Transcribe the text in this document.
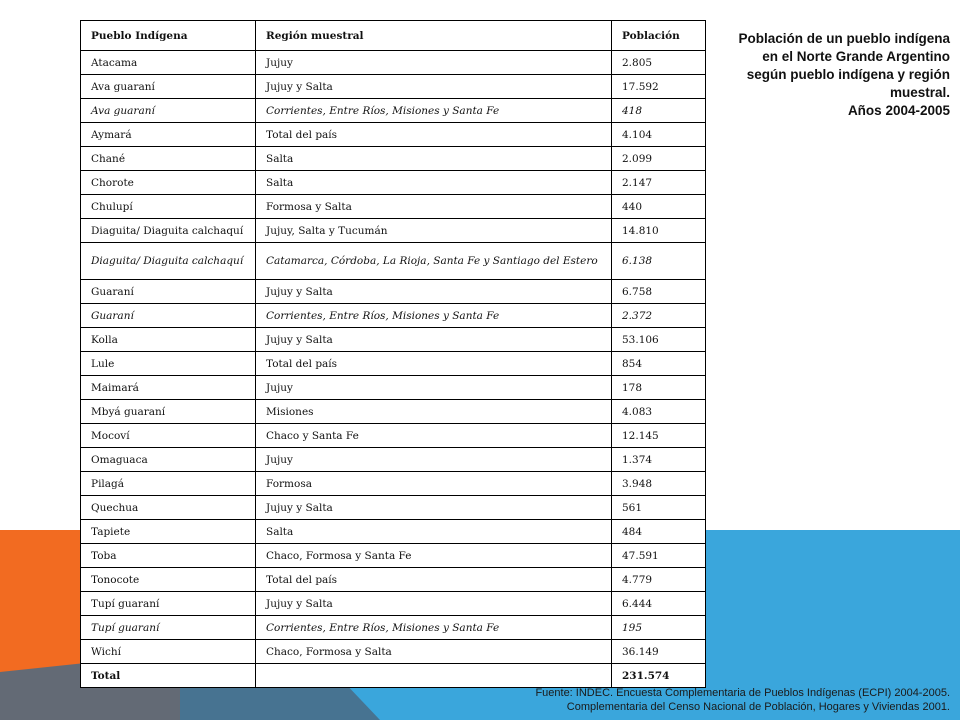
Pueblo Indígena	Región muestral	Población
Atacama	Jujuy	2.805
Ava guaraní	Jujuy y Salta	17.592
Ava guaraní	Corrientes, Entre Ríos, Misiones y Santa Fe	418
Aymará	Total del país	4.104
Chané	Salta	2.099
Chorote	Salta	2.147
Chulupí	Formosa y Salta	440
Diaguita/ Diaguita calchaquí	Jujuy, Salta y Tucumán	14.810
Diaguita/ Diaguita calchaquí	Catamarca, Córdoba, La Rioja, Santa Fe y Santiago del Estero	6.138
Guaraní	Jujuy y Salta	6.758
Guaraní	Corrientes, Entre Ríos, Misiones y Santa Fe	2.372
Kolla	Jujuy y Salta	53.106
Lule	Total del país	854
Maimará	Jujuy	178
Mbyá guaraní	Misiones	4.083
Mocoví	Chaco y Santa Fe	12.145
Omaguaca	Jujuy	1.374
Pilagá	Formosa	3.948
Quechua	Jujuy y Salta	561
Tapiete	Salta	484
Toba	Chaco, Formosa y Santa Fe	47.591
Tonocote	Total del país	4.779
Tupí guaraní	Jujuy y Salta	6.444
Tupí guaraní	Corrientes, Entre Ríos, Misiones y Santa Fe	195
Wichí	Chaco, Formosa y Salta	36.149
Total		231.574
Población de un pueblo indígena
en el Norte Grande Argentino
según pueblo indígena y región
muestral.
Años 2004-2005
Fuente: INDEC. Encuesta Complementaria de Pueblos Indígenas (ECPI) 2004-2005.
Complementaria del Censo Nacional de Población, Hogares y Viviendas 2001.
